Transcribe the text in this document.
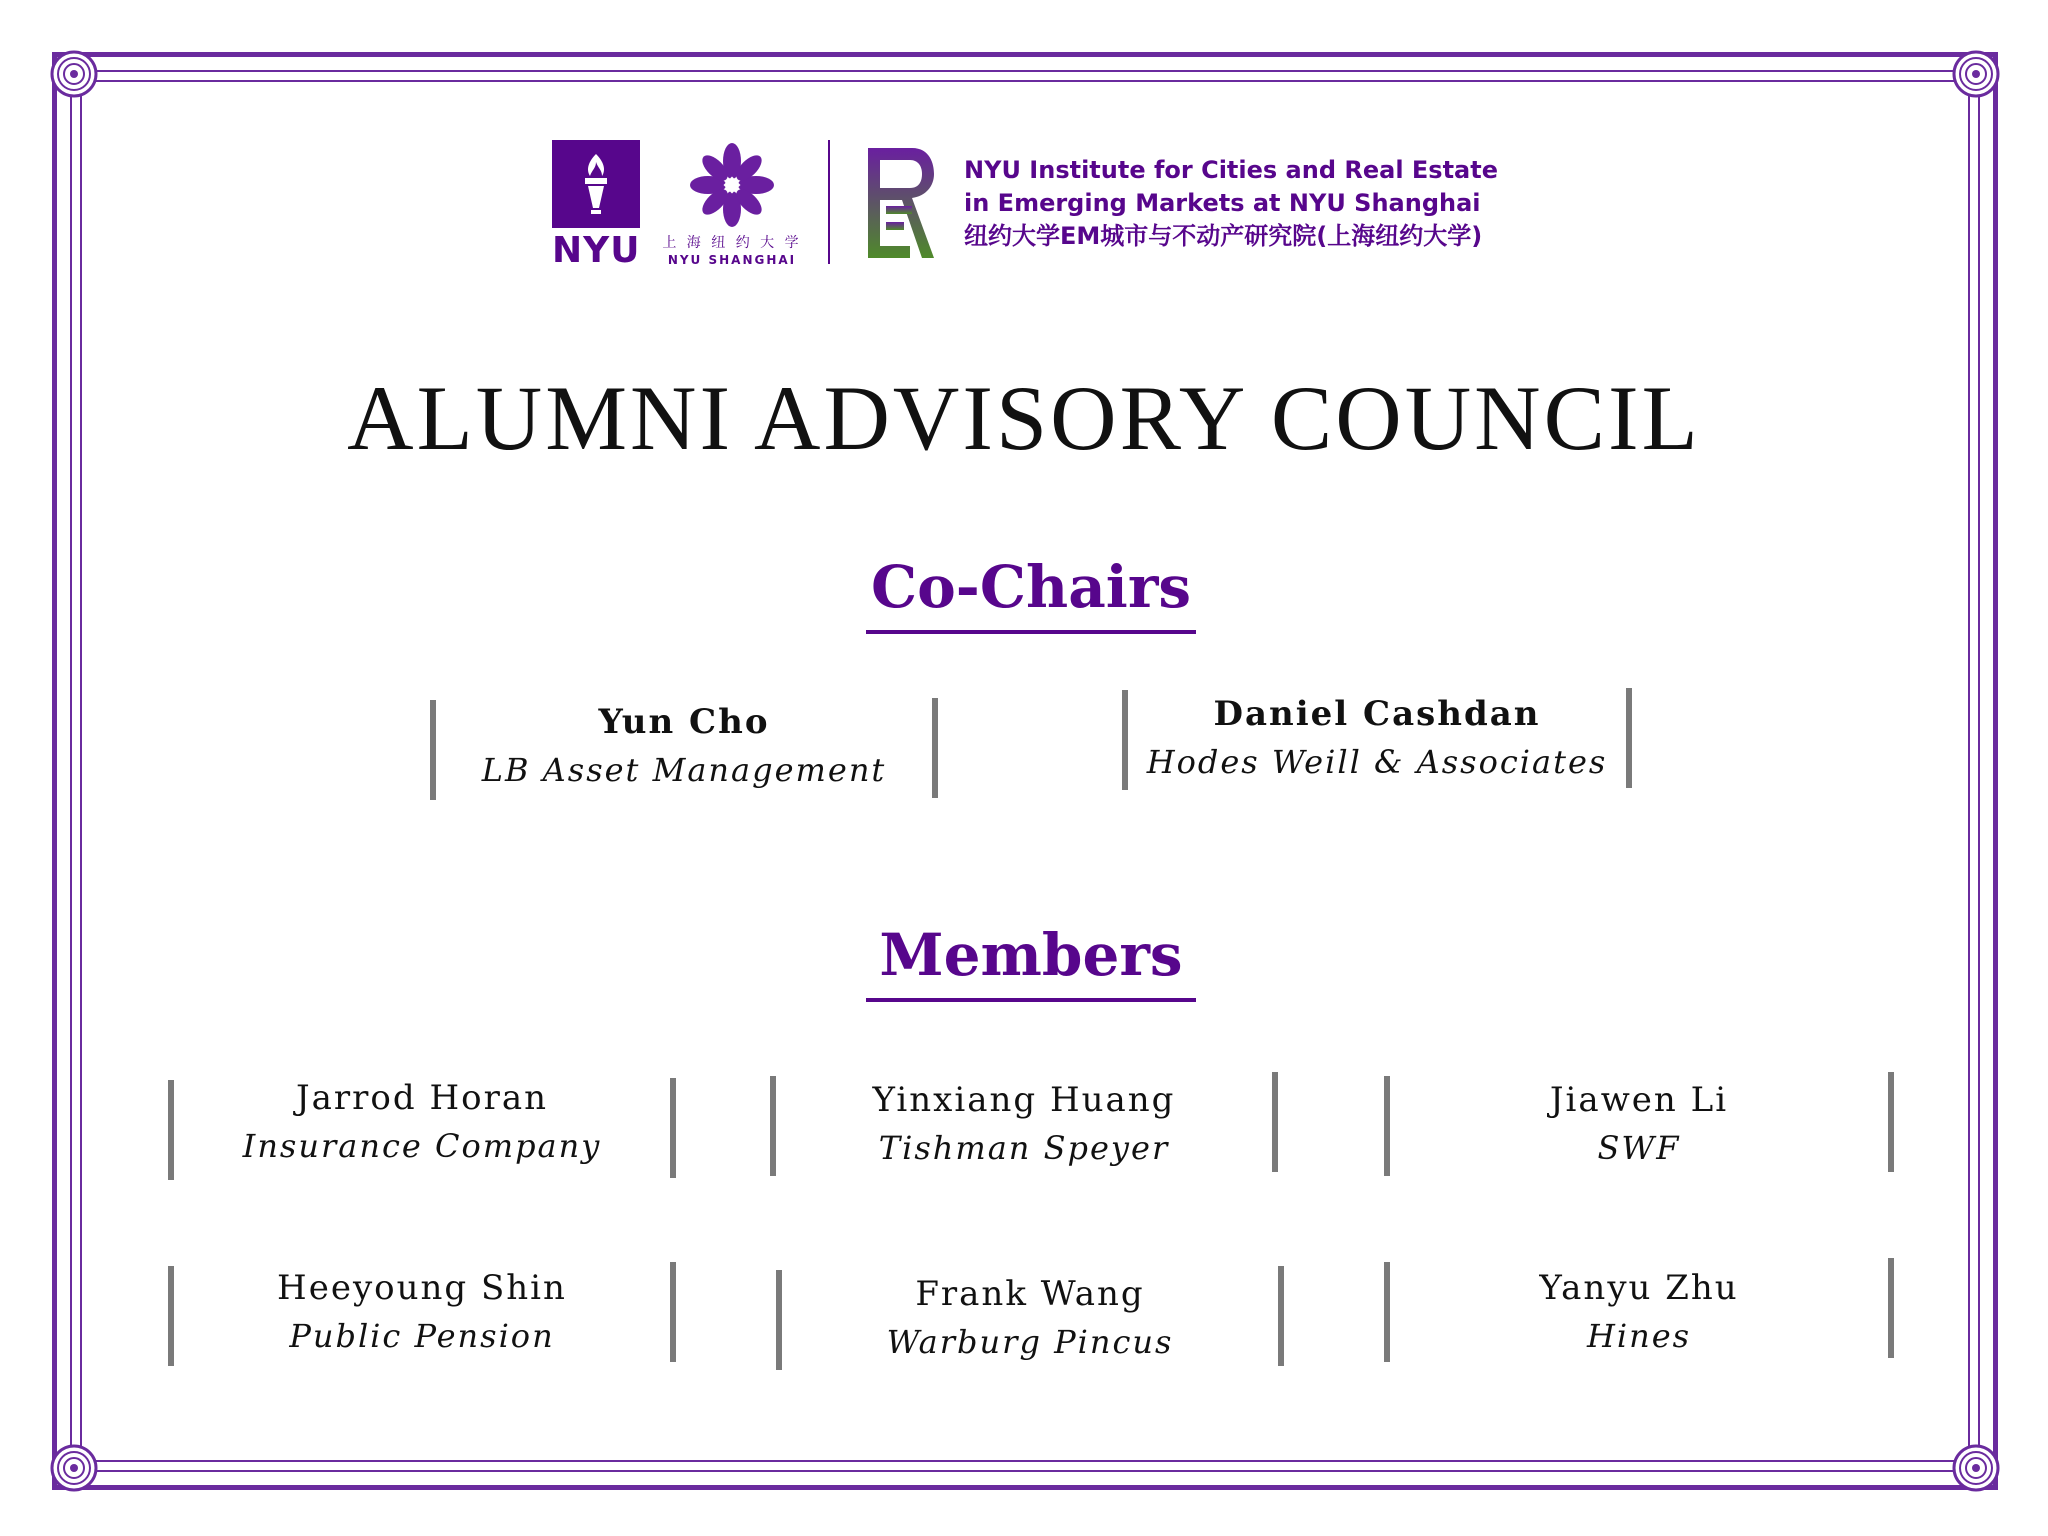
NYU 上 海 纽 约 大 学
NYU SHANGHAI
NYU Institute for Cities and Real Estate
in Emerging Markets at NYU Shanghai
纽约大学EM城市与不动产研究院(上海纽约大学)
ALUMNI ADVISORY COUNCIL
Co-Chairs
Yun Cho
LB Asset Management
Daniel Cashdan
Hodes Weill & Associates
Members
Jarrod Horan
Insurance Company
Yinxiang Huang
Tishman Speyer
Jiawen Li
SWF
Heeyoung Shin
Public Pension
Frank Wang
Warburg Pincus
Yanyu Zhu
Hines
